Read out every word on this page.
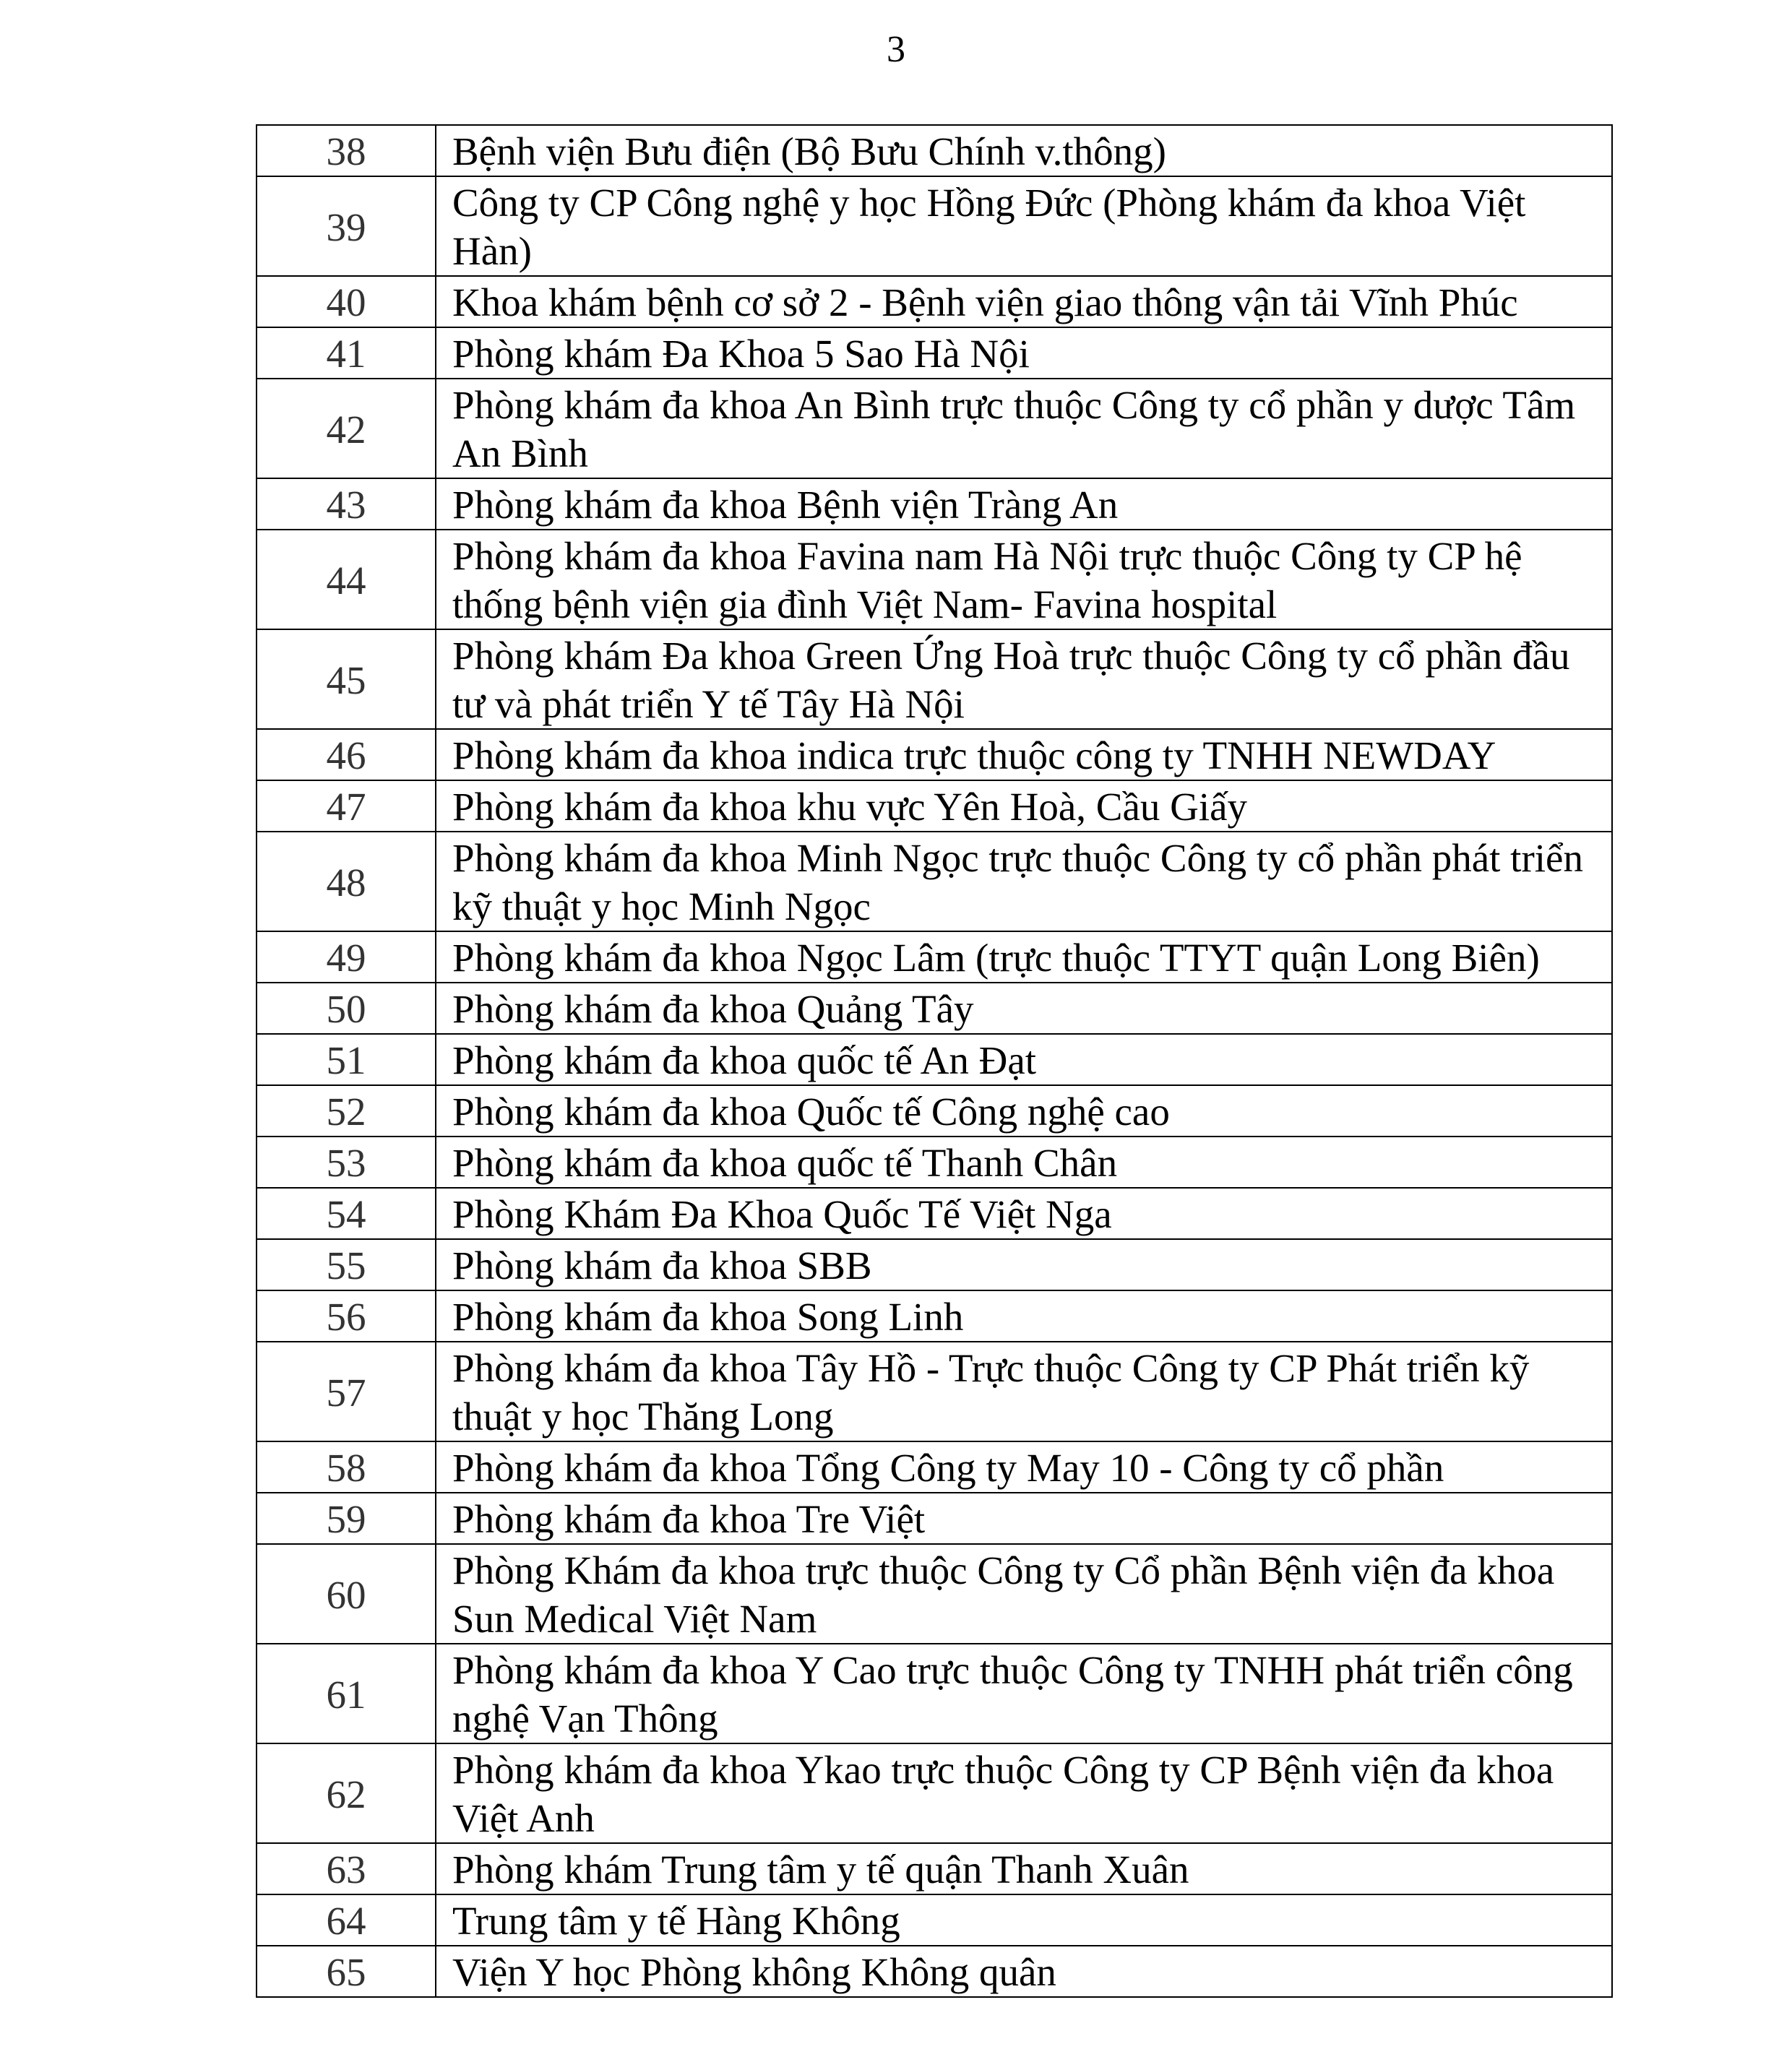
3
38	Bệnh viện Bưu điện (Bộ Bưu Chính v.thông)
39	Công ty CP Công nghệ y học Hồng Đức (Phòng khám đa khoa Việt Hàn)
40	Khoa khám bệnh cơ sở 2 - Bệnh viện giao thông vận tải Vĩnh Phúc
41	Phòng khám Đa Khoa 5 Sao Hà Nội
42	Phòng khám đa khoa An Bình trực thuộc Công ty cổ phần y dược Tâm An Bình
43	Phòng khám đa khoa Bệnh viện Tràng An
44	Phòng khám đa khoa Favina nam Hà Nội trực thuộc Công ty CP hệ thống bệnh viện gia đình Việt Nam- Favina hospital
45	Phòng khám Đa khoa Green Ứng Hoà trực thuộc Công ty cổ phần đầu tư và phát triển Y tế Tây Hà Nội
46	Phòng khám đa khoa indica trực thuộc công ty TNHH NEWDAY
47	Phòng khám đa khoa khu vực Yên Hoà, Cầu Giấy
48	Phòng khám đa khoa Minh Ngọc trực thuộc Công ty cổ phần phát triển kỹ thuật y học Minh Ngọc
49	Phòng khám đa khoa Ngọc Lâm (trực thuộc TTYT quận Long Biên)
50	Phòng khám đa khoa Quảng Tây
51	Phòng khám đa khoa quốc tế An Đạt
52	Phòng khám đa khoa Quốc tế Công nghệ cao
53	Phòng khám đa khoa quốc tế Thanh Chân
54	Phòng Khám Đa Khoa Quốc Tế Việt Nga
55	Phòng khám đa khoa SBB
56	Phòng khám đa khoa Song Linh
57	Phòng khám đa khoa Tây Hồ - Trực thuộc Công ty CP Phát triển kỹ thuật y học Thăng Long
58	Phòng khám đa khoa Tổng Công ty May 10 - Công ty cổ phần
59	Phòng khám đa khoa Tre Việt
60	Phòng Khám đa khoa trực thuộc Công ty Cổ phần Bệnh viện đa khoa Sun Medical Việt Nam
61	Phòng khám đa khoa Y Cao trực thuộc Công ty TNHH phát triển công nghệ Vạn Thông
62	Phòng khám đa khoa Ykao trực thuộc Công ty CP Bệnh viện đa khoa Việt Anh
63	Phòng khám Trung tâm y tế quận Thanh Xuân
64	Trung tâm y tế Hàng Không
65	Viện Y học Phòng không Không quân
